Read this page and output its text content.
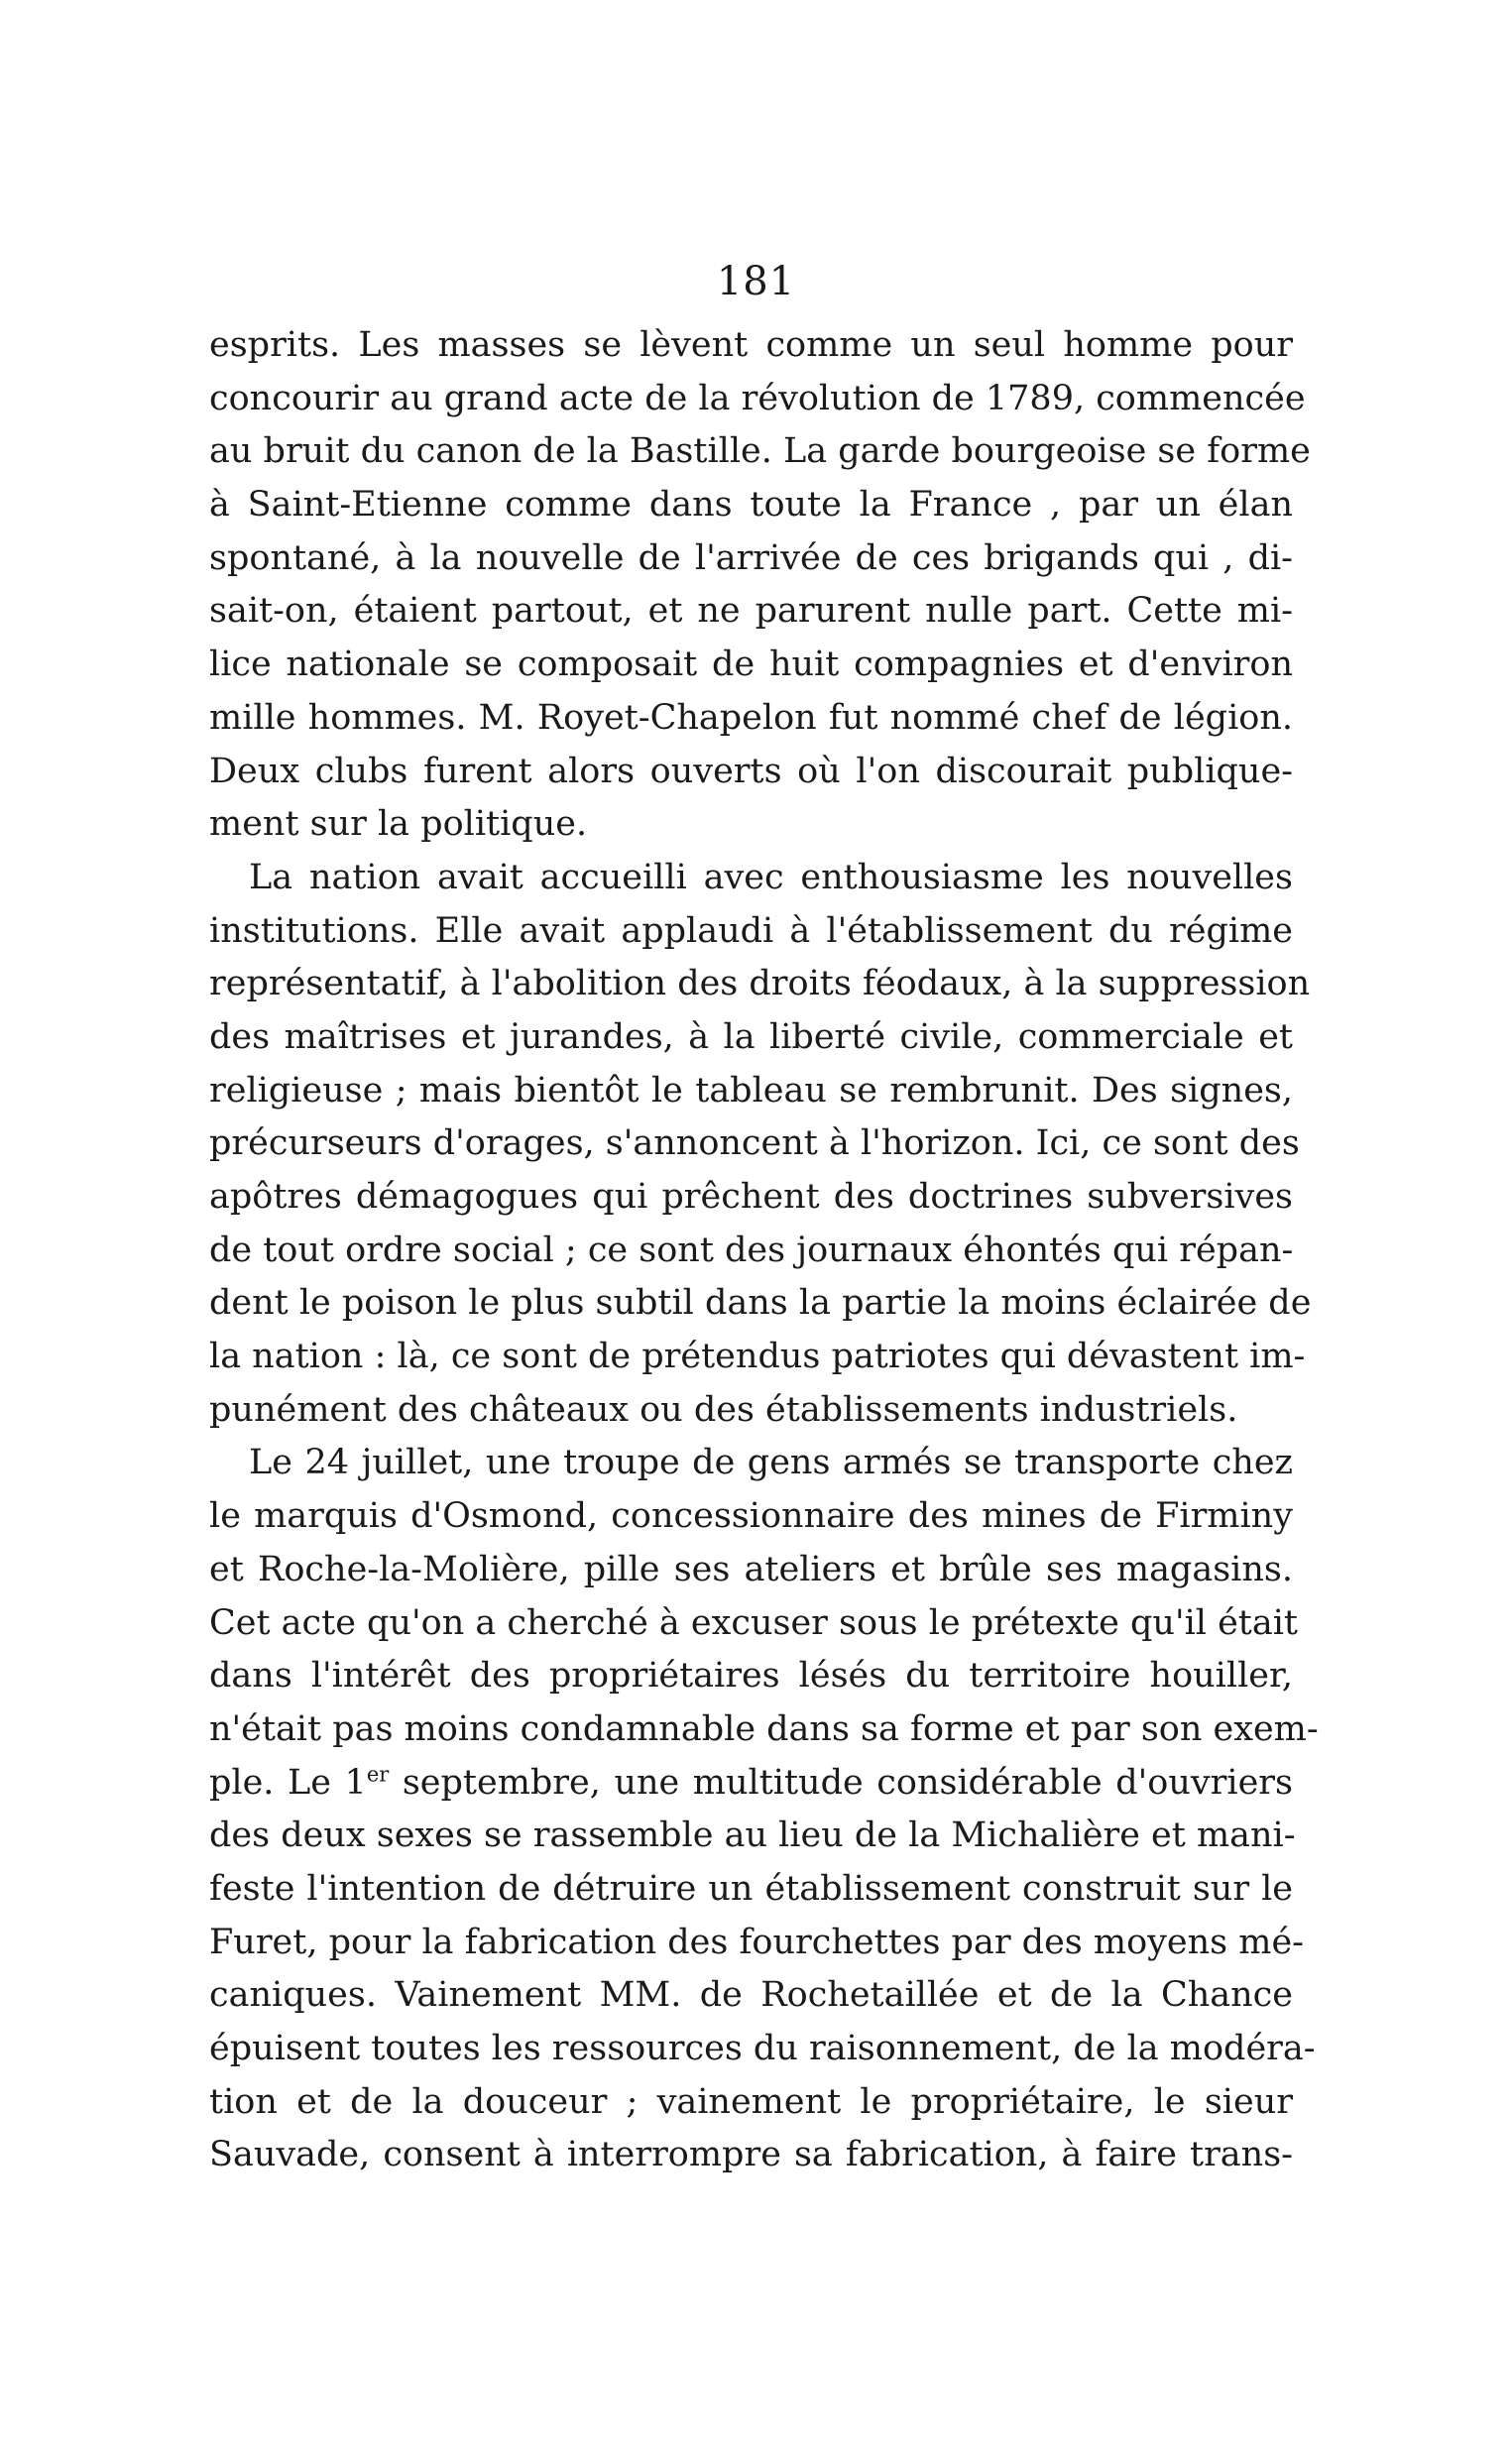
181
esprits. Les masses se lèvent comme un seul homme pour
concourir au grand acte de la révolution de 1789, commencée
au bruit du canon de la Bastille. La garde bourgeoise se forme
à Saint-Etienne comme dans toute la France , par un élan
spontané, à la nouvelle de l'arrivée de ces brigands qui , di-
sait-on, étaient partout, et ne parurent nulle part. Cette mi-
lice nationale se composait de huit compagnies et d'environ
mille hommes. M. Royet-Chapelon fut nommé chef de légion.
Deux clubs furent alors ouverts où l'on discourait publique-
ment sur la politique.
La nation avait accueilli avec enthousiasme les nouvelles
institutions. Elle avait applaudi à l'établissement du régime
représentatif, à l'abolition des droits féodaux, à la suppression
des maîtrises et jurandes, à la liberté civile, commerciale et
religieuse ; mais bientôt le tableau se rembrunit. Des signes,
précurseurs d'orages, s'annoncent à l'horizon. Ici, ce sont des
apôtres démagogues qui prêchent des doctrines subversives
de tout ordre social ; ce sont des journaux éhontés qui répan-
dent le poison le plus subtil dans la partie la moins éclairée de
la nation : là, ce sont de prétendus patriotes qui dévastent im-
punément des châteaux ou des établissements industriels.
Le 24 juillet, une troupe de gens armés se transporte chez
le marquis d'Osmond, concessionnaire des mines de Firminy
et Roche-la-Molière, pille ses ateliers et brûle ses magasins.
Cet acte qu'on a cherché à excuser sous le prétexte qu'il était
dans l'intérêt des propriétaires lésés du territoire houiller,
n'était pas moins condamnable dans sa forme et par son exem-
ple. Le 1er septembre, une multitude considérable d'ouvriers
des deux sexes se rassemble au lieu de la Michalière et mani-
feste l'intention de détruire un établissement construit sur le
Furet, pour la fabrication des fourchettes par des moyens mé-
caniques. Vainement MM. de Rochetaillée et de la Chance
épuisent toutes les ressources du raisonnement, de la modéra-
tion et de la douceur ; vainement le propriétaire, le sieur
Sauvade, consent à interrompre sa fabrication, à faire trans-
